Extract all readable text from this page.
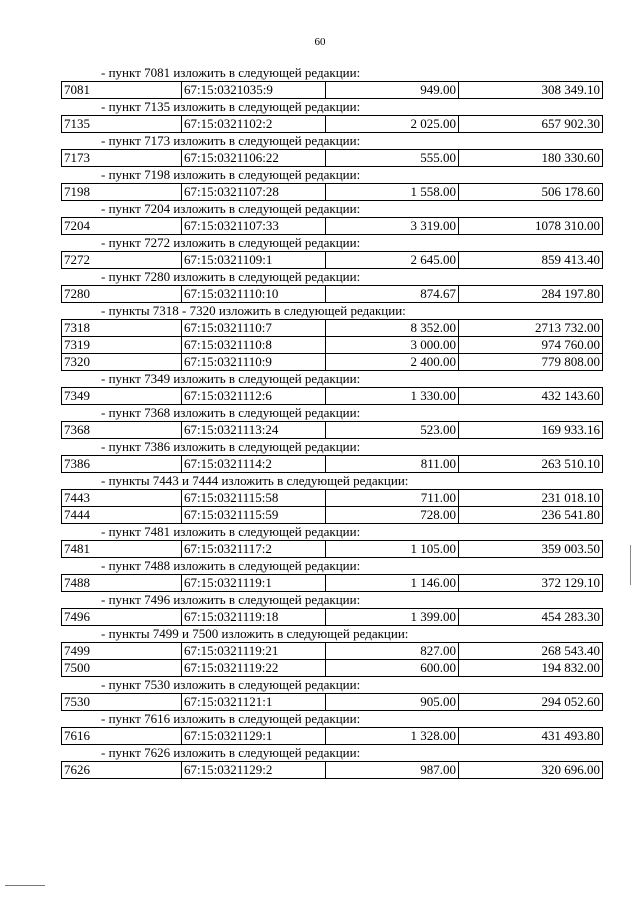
60
- пункт 7081 изложить в следующей редакции:
7081	67:15:0321035:9	949.00	308 349.10
- пункт 7135 изложить в следующей редакции:
7135	67:15:0321102:2	2 025.00	657 902.30
- пункт 7173 изложить в следующей редакции:
7173	67:15:0321106:22	555.00	180 330.60
- пункт 7198 изложить в следующей редакции:
7198	67:15:0321107:28	1 558.00	506 178.60
- пункт 7204 изложить в следующей редакции:
7204	67:15:0321107:33	3 319.00	1078 310.00
- пункт 7272 изложить в следующей редакции:
7272	67:15:0321109:1	2 645.00	859 413.40
- пункт 7280 изложить в следующей редакции:
7280	67:15:0321110:10	874.67	284 197.80
- пункты 7318 - 7320 изложить в следующей редакции:
7318	67:15:0321110:7	8 352.00	2713 732.00
7319	67:15:0321110:8	3 000.00	974 760.00
7320	67:15:0321110:9	2 400.00	779 808.00
- пункт 7349 изложить в следующей редакции:
7349	67:15:0321112:6	1 330.00	432 143.60
- пункт 7368 изложить в следующей редакции:
7368	67:15:0321113:24	523.00	169 933.16
- пункт 7386 изложить в следующей редакции:
7386	67:15:0321114:2	811.00	263 510.10
- пункты 7443 и 7444 изложить в следующей редакции:
7443	67:15:0321115:58	711.00	231 018.10
7444	67:15:0321115:59	728.00	236 541.80
- пункт 7481 изложить в следующей редакции:
7481	67:15:0321117:2	1 105.00	359 003.50
- пункт 7488 изложить в следующей редакции:
7488	67:15:0321119:1	1 146.00	372 129.10
- пункт 7496 изложить в следующей редакции:
7496	67:15:0321119:18	1 399.00	454 283.30
- пункты 7499 и 7500 изложить в следующей редакции:
7499	67:15:0321119:21	827.00	268 543.40
7500	67:15:0321119:22	600.00	194 832.00
- пункт 7530 изложить в следующей редакции:
7530	67:15:0321121:1	905.00	294 052.60
- пункт 7616 изложить в следующей редакции:
7616	67:15:0321129:1	1 328.00	431 493.80
- пункт 7626 изложить в следующей редакции:
7626	67:15:0321129:2	987.00	320 696.00
